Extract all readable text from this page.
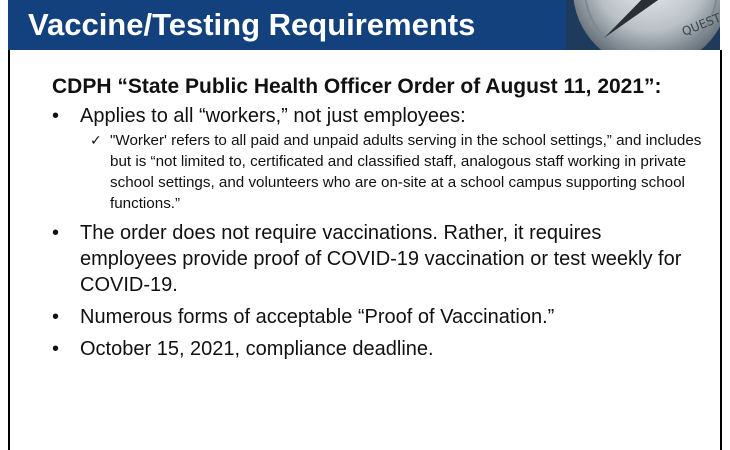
Vaccine/Testing Requirements	QUEST

CDPH “State Public Health Officer Order of August 11, 2021”:

• Applies to all “workers,” not just employees:
✓ "Worker' refers to all paid and unpaid adults serving in the school settings,” and includes but is “not limited to, certificated and classified staff, analogous staff working in private school settings, and volunteers who are on-site at a school campus supporting school functions.”
• The order does not require vaccinations. Rather, it requires employees provide proof of COVID-19 vaccination or test weekly for COVID-19.
• Numerous forms of acceptable “Proof of Vaccination.”
• October 15, 2021, compliance deadline.
